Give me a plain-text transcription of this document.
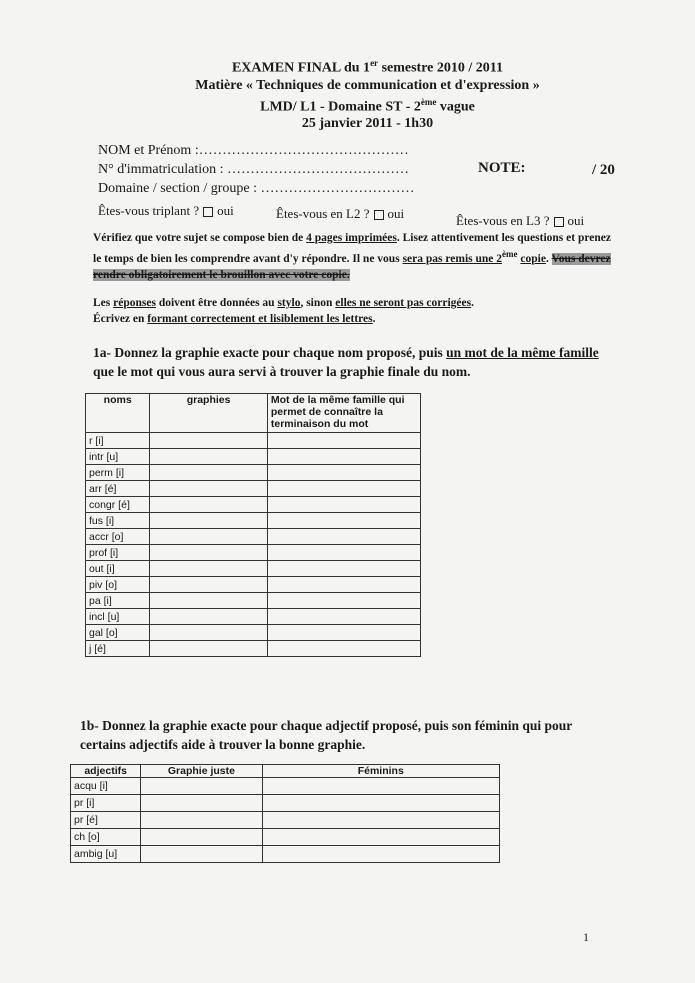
EXAMEN FINAL du 1er semestre 2010 / 2011
Matière « Techniques de communication et d'expression »
LMD/ L1 - Domaine ST - 2ème vague
25 janvier 2011 - 1h30
NOM et Prénom :………………………………………
N° d'immatriculation : …………………………………
Domaine / section / groupe : ……………………………
NOTE:	/ 20
Êtes-vous triplant ? oui	Êtes-vous en L2 ? oui	Êtes-vous en L3 ? oui
Vérifiez que votre sujet se compose bien de 4 pages imprimées. Lisez attentivement les questions et prenez le temps de bien les comprendre avant d'y répondre. Il ne vous sera pas remis une 2ème copie. Vous devrez rendre obligatoirement le brouillon avec votre copie.
Les réponses doivent être données au stylo, sinon elles ne seront pas corrigées.
Écrivez en formant correctement et lisiblement les lettres.
1a- Donnez la graphie exacte pour chaque nom proposé, puis un mot de la même famille que le mot qui vous aura servi à trouver la graphie finale du nom.
noms	graphies	Mot de la même famille qui permet de connaître la terminaison du mot
r [i]		
intr [u]		
perm [i]		
arr [é]		
congr [é]		
fus [i]		
accr [o]		
prof [i]		
out [i]		
piv [o]		
pa [i]		
incl [u]		
gal [o]		
j [é]		
1b- Donnez la graphie exacte pour chaque adjectif proposé, puis son féminin qui pour certains adjectifs aide à trouver la bonne graphie.
adjectifs	Graphie juste	Féminins
acqu [i]		
pr [i]		
pr [é]		
ch [o]		
ambig [u]		
1
